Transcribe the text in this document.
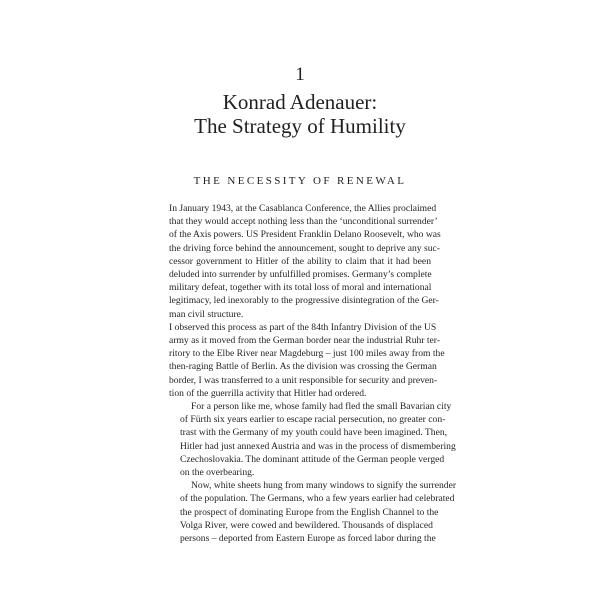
1
Konrad Adenauer:
The Strategy of Humility
THE NECESSITY OF RENEWAL

In January 1943, at the Casablanca Conference, the Allies proclaimed
that they would accept nothing less than the ‘unconditional surrender’
of the Axis powers. US President Franklin Delano Roosevelt, who was
the driving force behind the announcement, sought to deprive any suc-
cessor government to Hitler of the ability to claim that it had been
deluded into surrender by unfulfilled promises. Germany’s complete
military defeat, together with its total loss of moral and international
legitimacy, led inexorably to the progressive disintegration of the Ger-
man civil structure.

I observed this process as part of the 84th Infantry Division of the US
army as it moved from the German border near the industrial Ruhr ter-
ritory to the Elbe River near Magdeburg – just 100 miles away from the
then-raging Battle of Berlin. As the division was crossing the German
border, I was transferred to a unit responsible for security and preven-
tion of the guerrilla activity that Hitler had ordered.

For a person like me, whose family had fled the small Bavarian city
of Fürth six years earlier to escape racial persecution, no greater con-
trast with the Germany of my youth could have been imagined. Then,
Hitler had just annexed Austria and was in the process of dismembering
Czechoslovakia. The dominant attitude of the German people verged
on the overbearing.

Now, white sheets hung from many windows to signify the surrender
of the population. The Germans, who a few years earlier had celebrated
the prospect of dominating Europe from the English Channel to the
Volga River, were cowed and bewildered. Thousands of displaced
persons – deported from Eastern Europe as forced labor during the
